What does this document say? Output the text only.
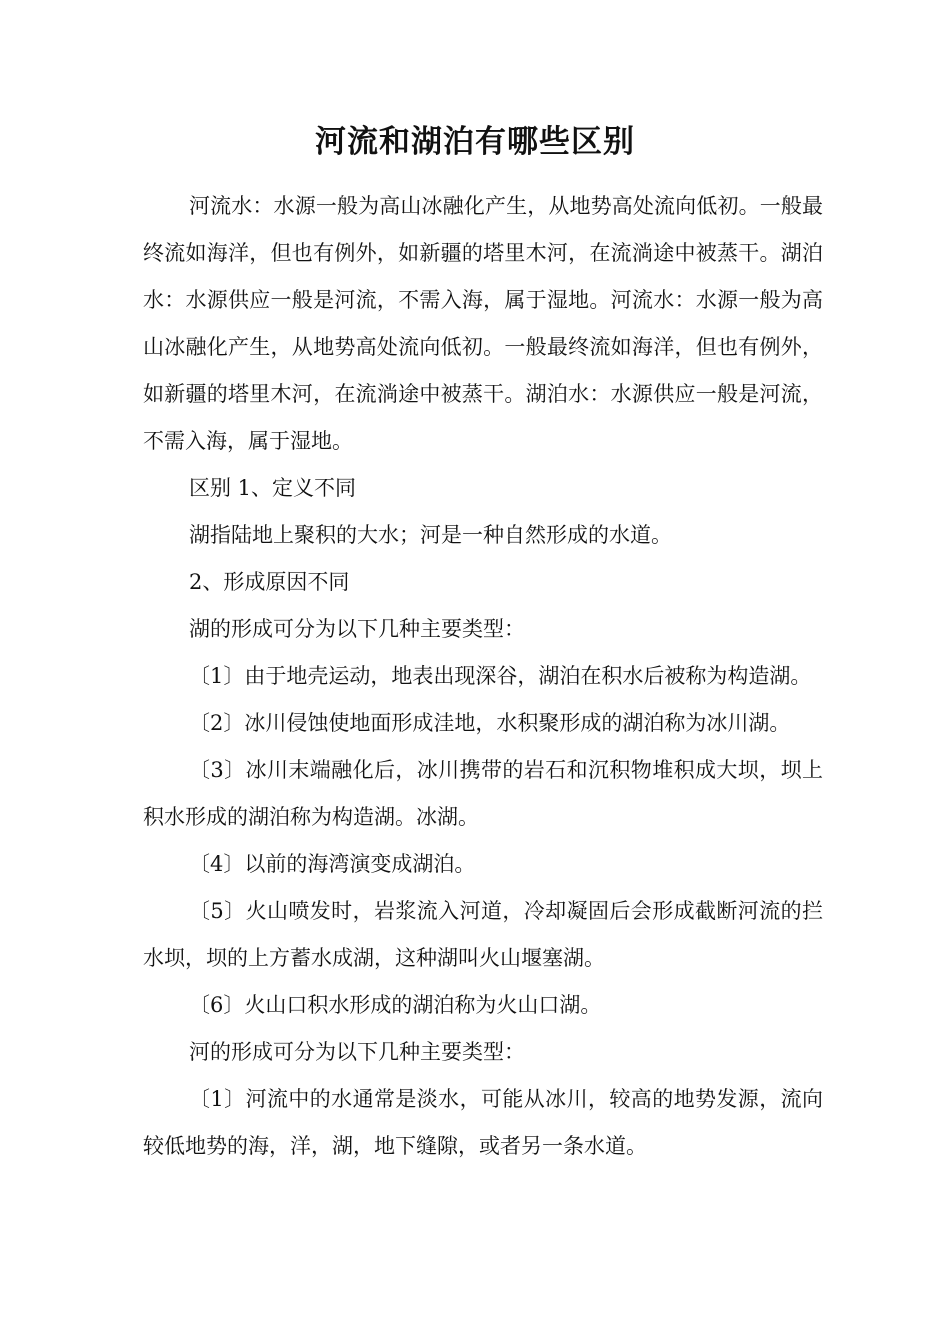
河流和湖泊有哪些区别

河流水：水源一般为高山冰融化产生，从地势高处流向低初。一般最终流如海洋，但也有例外，如新疆的塔里木河，在流淌途中被蒸干。湖泊水：水源供应一般是河流，不需入海，属于湿地。河流水：水源一般为高山冰融化产生，从地势高处流向低初。一般最终流如海洋，但也有例外，如新疆的塔里木河，在流淌途中被蒸干。湖泊水：水源供应一般是河流，不需入海，属于湿地。

区别 1、定义不同

湖指陆地上聚积的大水；河是一种自然形成的水道。

2、形成原因不同

湖的形成可分为以下几种主要类型：

〔1〕由于地壳运动，地表出现深谷，湖泊在积水后被称为构造湖。

〔2〕冰川侵蚀使地面形成洼地，水积聚形成的湖泊称为冰川湖。

〔3〕冰川末端融化后，冰川携带的岩石和沉积物堆积成大坝，坝上积水形成的湖泊称为构造湖。冰湖。

〔4〕以前的海湾演变成湖泊。

〔5〕火山喷发时，岩浆流入河道，冷却凝固后会形成截断河流的拦水坝，坝的上方蓄水成湖，这种湖叫火山堰塞湖。

〔6〕火山口积水形成的湖泊称为火山口湖。

河的形成可分为以下几种主要类型：

〔1〕河流中的水通常是淡水，可能从冰川，较高的地势发源，流向较低地势的海，洋，湖，地下缝隙，或者另一条水道。
